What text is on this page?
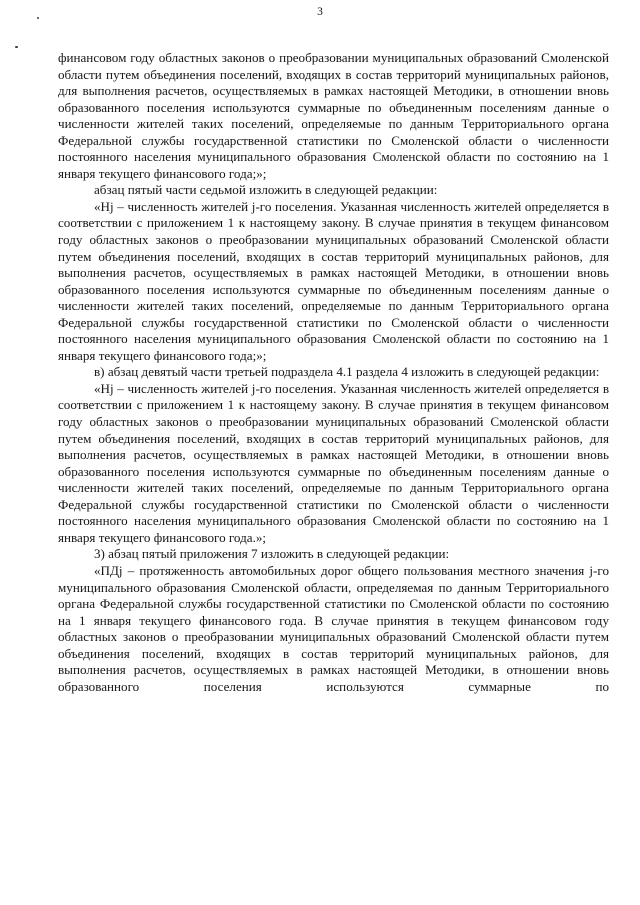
3

финансовом году областных законов о преобразовании муниципальных образований Смоленской области путем объединения поселений, входящих в состав территорий муниципальных районов, для выполнения расчетов, осуществляемых в рамках настоящей Методики, в отношении вновь образованного поселения используются суммарные по объединенным поселениям данные о численности жителей таких поселений, определяемые по данным Территориального органа Федеральной службы государственной статистики по Смоленской области о численности постоянного населения муниципального образования Смоленской области по состоянию на 1 января текущего финансового года;»;

абзац пятый части седьмой изложить в следующей редакции:

«Hj – численность жителей j-го поселения. Указанная численность жителей определяется в соответствии с приложением 1 к настоящему закону. В случае принятия в текущем финансовом году областных законов о преобразовании муниципальных образований Смоленской области путем объединения поселений, входящих в состав территорий муниципальных районов, для выполнения расчетов, осуществляемых в рамках настоящей Методики, в отношении вновь образованного поселения используются суммарные по объединенным поселениям данные о численности жителей таких поселений, определяемые по данным Территориального органа Федеральной службы государственной статистики по Смоленской области о численности постоянного населения муниципального образования Смоленской области по состоянию на 1 января текущего финансового года;»;

в) абзац девятый части третьей подраздела 4.1 раздела 4 изложить в следующей редакции:

«Hj – численность жителей j-го поселения. Указанная численность жителей определяется в соответствии с приложением 1 к настоящему закону. В случае принятия в текущем финансовом году областных законов о преобразовании муниципальных образований Смоленской области путем объединения поселений, входящих в состав территорий муниципальных районов, для выполнения расчетов, осуществляемых в рамках настоящей Методики, в отношении вновь образованного поселения используются суммарные по объединенным поселениям данные о численности жителей таких поселений, определяемые по данным Территориального органа Федеральной службы государственной статистики по Смоленской области о численности постоянного населения муниципального образования Смоленской области по состоянию на 1 января текущего финансового года.»;

3) абзац пятый приложения 7 изложить в следующей редакции:

«ПДj – протяженность автомобильных дорог общего пользования местного значения j-го муниципального образования Смоленской области, определяемая по данным Территориального органа Федеральной службы государственной статистики по Смоленской области по состоянию на 1 января текущего финансового года. В случае принятия в текущем финансовом году областных законов о преобразовании муниципальных образований Смоленской области путем объединения поселений, входящих в состав территорий муниципальных районов, для выполнения расчетов, осуществляемых в рамках настоящей Методики, в отношении вновь образованного поселения используются суммарные по
